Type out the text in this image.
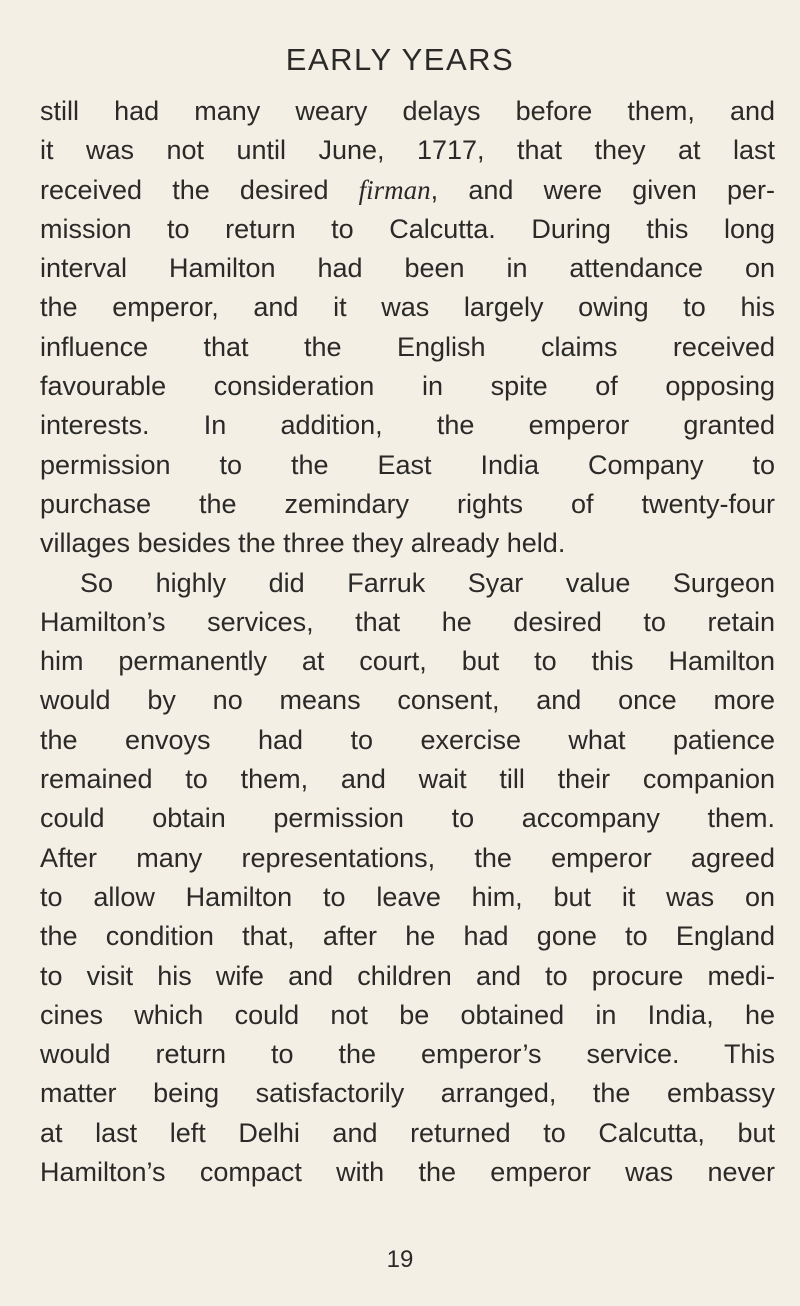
EARLY YEARS
still had many weary delays before them, and
it was not until June, 1717, that they at last
received the desired firman, and were given per-
mission to return to Calcutta. During this long
interval Hamilton had been in attendance on
the emperor, and it was largely owing to his
influence that the English claims received
favourable consideration in spite of opposing
interests. In addition, the emperor granted
permission to the East India Company to
purchase the zemindary rights of twenty-four
villages besides the three they already held.
So highly did Farruk Syar value Surgeon
Hamilton’s services, that he desired to retain
him permanently at court, but to this Hamilton
would by no means consent, and once more
the envoys had to exercise what patience
remained to them, and wait till their companion
could obtain permission to accompany them.
After many representations, the emperor agreed
to allow Hamilton to leave him, but it was on
the condition that, after he had gone to England
to visit his wife and children and to procure medi-
cines which could not be obtained in India, he
would return to the emperor’s service. This
matter being satisfactorily arranged, the embassy
at last left Delhi and returned to Calcutta, but
Hamilton’s compact with the emperor was never
19
